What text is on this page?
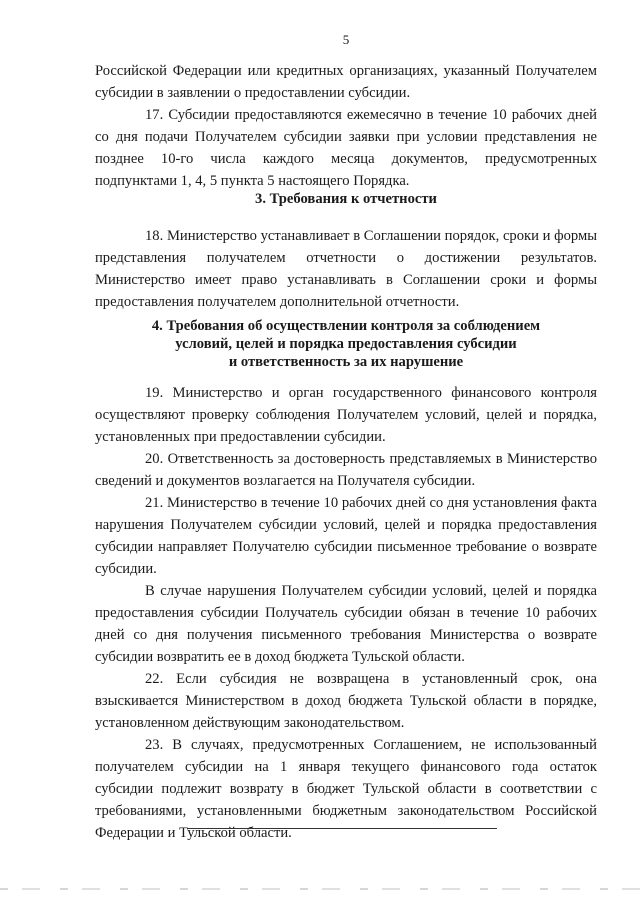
5

Российской Федерации или кредитных организациях, указанный Получателем субсидии в заявлении о предоставлении субсидии.

17. Субсидии предоставляются ежемесячно в течение 10 рабочих дней со дня подачи Получателем субсидии заявки при условии представления не позднее 10-го числа каждого месяца документов, предусмотренных подпунктами 1, 4, 5 пункта 5 настоящего Порядка.

3. Требования к отчетности

18. Министерство устанавливает в Соглашении порядок, сроки и формы представления получателем отчетности о достижении результатов. Министерство имеет право устанавливать в Соглашении сроки и формы предоставления получателем дополнительной отчетности.

4. Требования об осуществлении контроля за соблюдением
условий, целей и порядка предоставления субсидии
и ответственность за их нарушение

19. Министерство и орган государственного финансового контроля осуществляют проверку соблюдения Получателем условий, целей и порядка, установленных при предоставлении субсидии.

20. Ответственность за достоверность представляемых в Министерство сведений и документов возлагается на Получателя субсидии.

21. Министерство в течение 10 рабочих дней со дня установления факта нарушения Получателем субсидии условий, целей и порядка предоставления субсидии направляет Получателю субсидии письменное требование о возврате субсидии.

В случае нарушения Получателем субсидии условий, целей и порядка предоставления субсидии Получатель субсидии обязан в течение 10 рабочих дней со дня получения письменного требования Министерства о возврате субсидии возвратить ее в доход бюджета Тульской области.

22. Если субсидия не возвращена в установленный срок, она взыскивается Министерством в доход бюджета Тульской области в порядке, установленном действующим законодательством.

23. В случаях, предусмотренных Соглашением, не использованный получателем субсидии на 1 января текущего финансового года остаток субсидии подлежит возврату в бюджет Тульской области в соответствии с требованиями, установленными бюджетным законодательством Российской Федерации и Тульской области.
